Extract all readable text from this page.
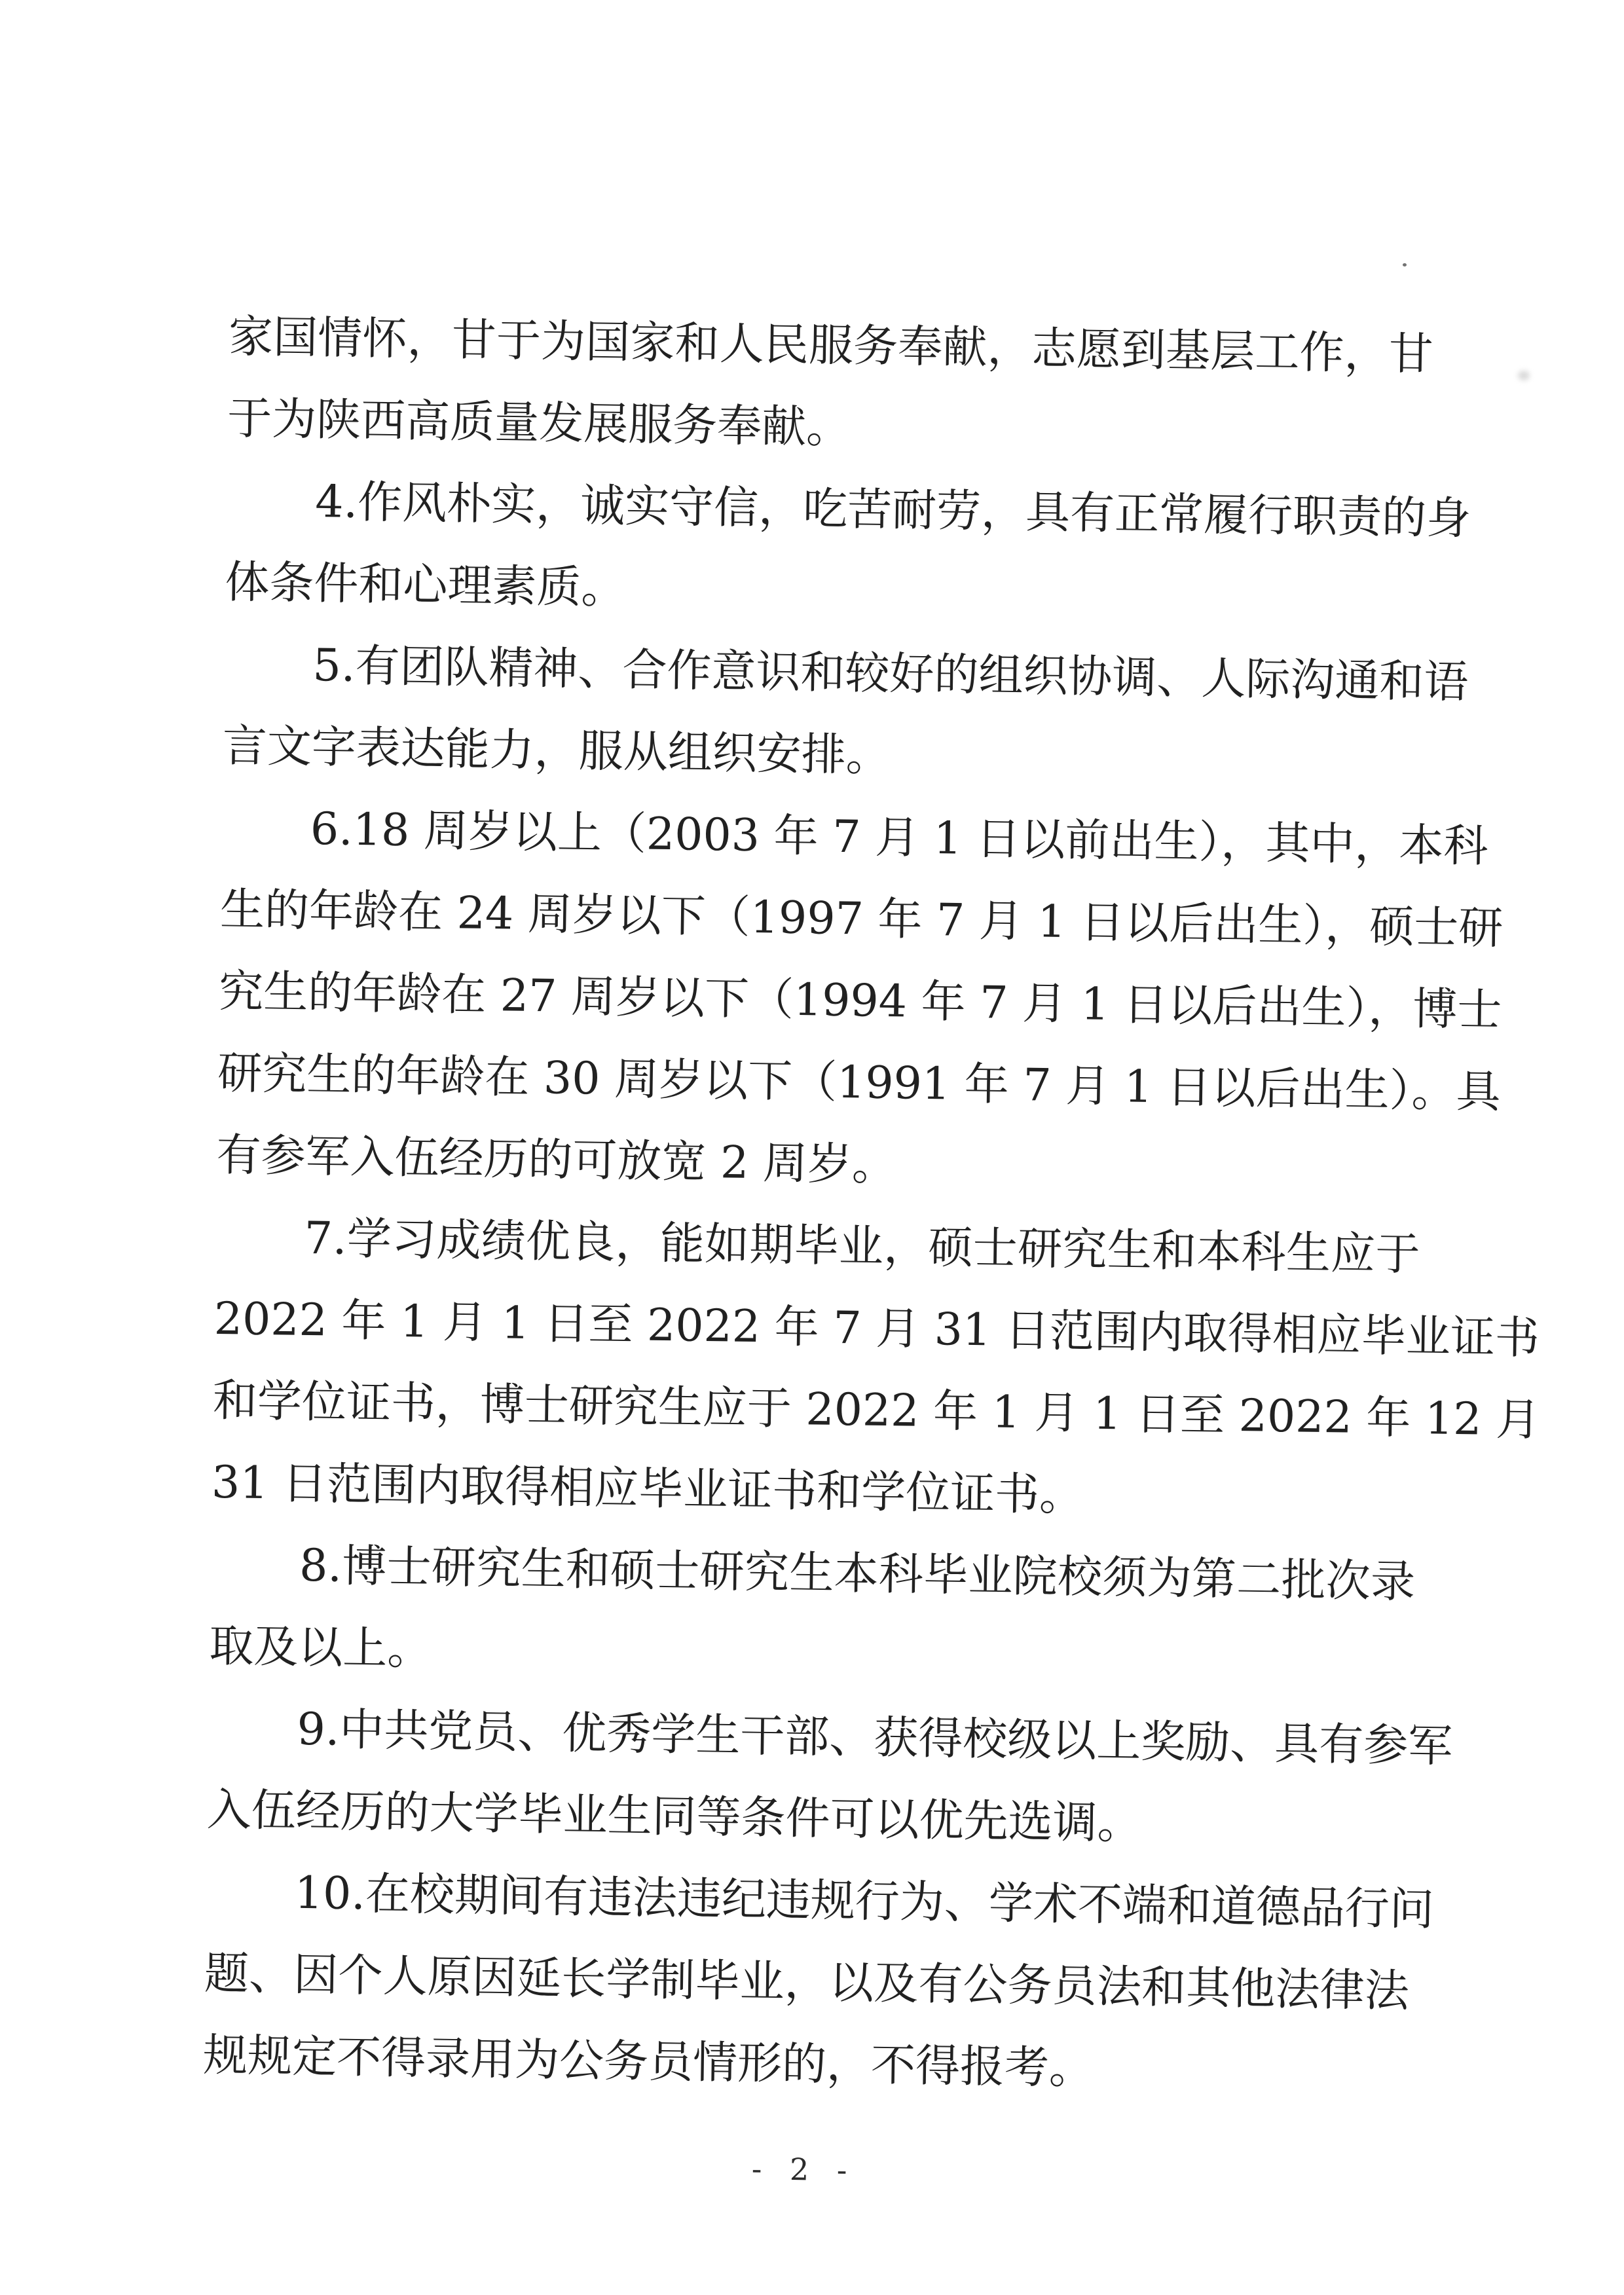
家国情怀，甘于为国家和人民服务奉献，志愿到基层工作，甘
于为陕西高质量发展服务奉献。
4.作风朴实，诚实守信，吃苦耐劳，具有正常履行职责的身
体条件和心理素质。
5.有团队精神、合作意识和较好的组织协调、人际沟通和语
言文字表达能力，服从组织安排。
6.18 周岁以上（2003 年 7 月 1 日以前出生），其中，本科
生的年龄在 24 周岁以下（1997 年 7 月 1 日以后出生），硕士研
究生的年龄在 27 周岁以下（1994 年 7 月 1 日以后出生），博士
研究生的年龄在 30 周岁以下（1991 年 7 月 1 日以后出生）。具
有参军入伍经历的可放宽 2 周岁。
7.学习成绩优良，能如期毕业，硕士研究生和本科生应于
2022 年 1 月 1 日至 2022 年 7 月 31 日范围内取得相应毕业证书
和学位证书，博士研究生应于 2022 年 1 月 1 日至 2022 年 12 月
31 日范围内取得相应毕业证书和学位证书。
8.博士研究生和硕士研究生本科毕业院校须为第二批次录
取及以上。
9.中共党员、优秀学生干部、获得校级以上奖励、具有参军
入伍经历的大学毕业生同等条件可以优先选调。
10.在校期间有违法违纪违规行为、学术不端和道德品行问
题、因个人原因延长学制毕业，以及有公务员法和其他法律法
规规定不得录用为公务员情形的，不得报考。
- 2 -
